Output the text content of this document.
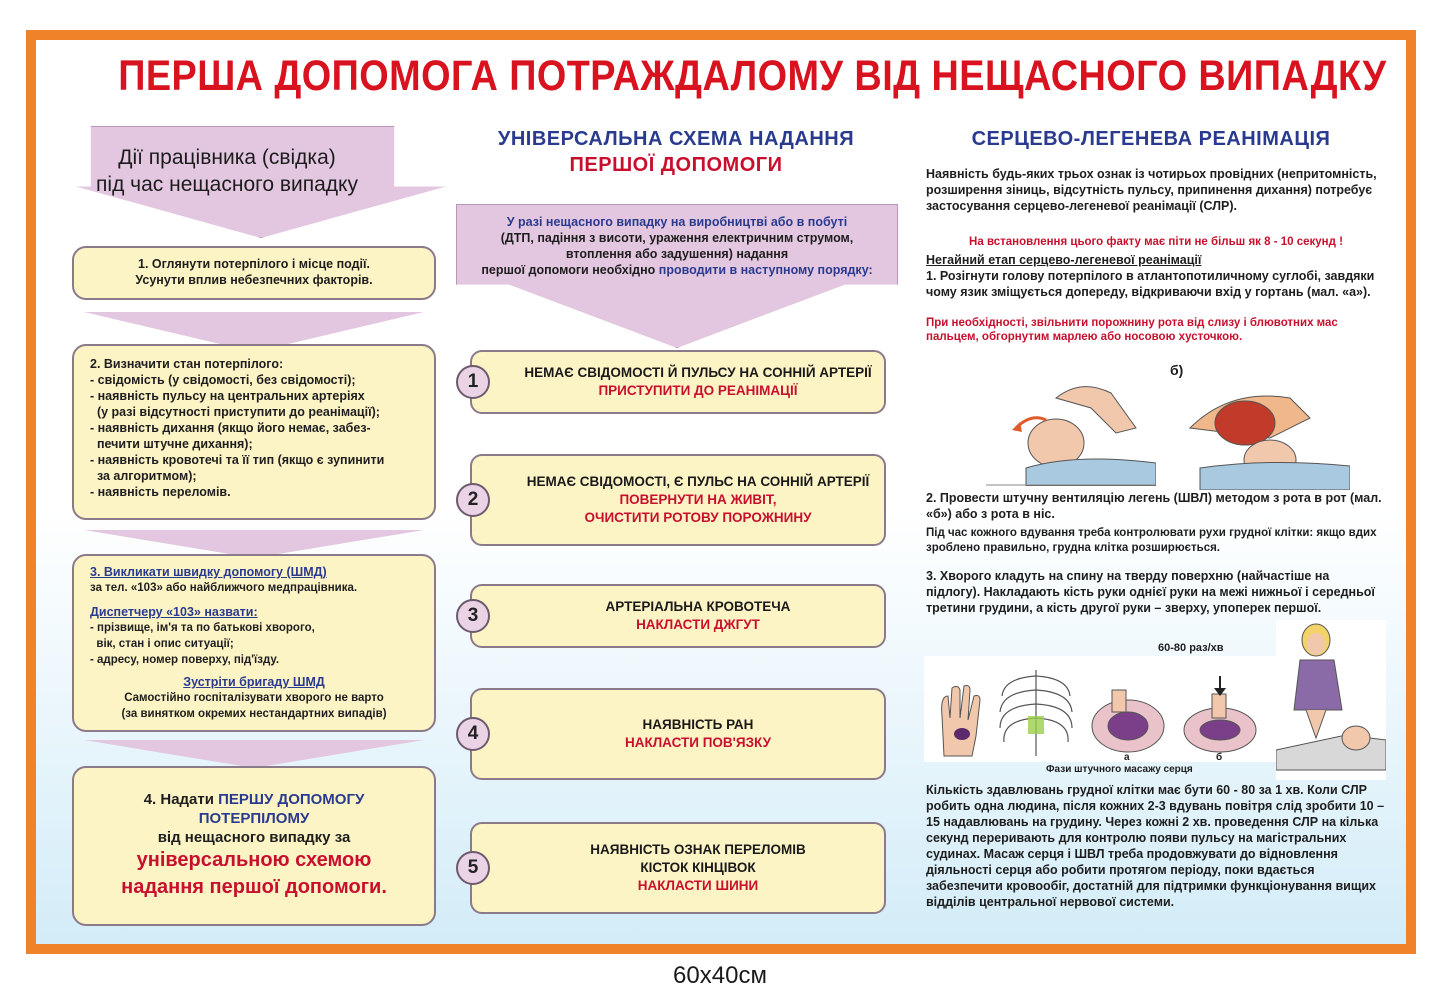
ПЕРША ДОПОМОГА ПОТРАЖДАЛОМУ ВІД НЕЩАСНОГО ВИПАДКУ
Дії працівника (свідка)
під час нещасного випадку
1. Оглянути потерпілого і місце події.
Усунути вплив небезпечних факторів.
2. Визначити стан потерпілого:
- свідомість (у свідомості, без свідомості);
- наявність пульсу на центральних артеріях
(у разі відсутності приступити до реанімації);
- наявність дихання (якщо його немає, забез-
печити штучне дихання);
- наявність кровотечі та її тип (якщо є зупинити
за алгоритмом);
- наявність переломів.
3. Викликати швидку допомогу (ШМД)
за тел. «103» або найближчого медпрацівника.
Диспетчеру «103» назвати:
- прізвище, ім'я та по батькові хворого,
вік, стан і опис ситуації;
- адресу, номер поверху, під'їзду.
Зустріти бригаду ШМД
Самостійно госпіталізувати хворого не варто
(за винятком окремих нестандартних випадів)
4. Надати ПЕРШУ ДОПОМОГУ
ПОТЕРПІЛОМУ
від нещасного випадку за
універсальною схемою
надання першої допомоги.
УНІВЕРСАЛЬНА СХЕМА НАДАННЯ
ПЕРШОЇ ДОПОМОГИ
У разі нещасного випадку на виробництві або в побуті
(ДТП, падіння з висоти, ураження електричним струмом,
втоплення або задушення) надання
першої допомоги необхідно проводити в наступному порядку:
НЕМАЄ СВІДОМОСТІ Й ПУЛЬСУ НА СОННІЙ АРТЕРІЇ
ПРИСТУПИТИ ДО РЕАНІМАЦІЇ
1
НЕМАЄ СВІДОМОСТІ, Є ПУЛЬС НА СОННІЙ АРТЕРІЇ
ПОВЕРНУТИ НА ЖИВІТ,
ОЧИСТИТИ РОТОВУ ПОРОЖНИНУ
2
АРТЕРІАЛЬНА КРОВОТЕЧА
НАКЛАСТИ ДЖГУТ
3
НАЯВНІСТЬ РАН
НАКЛАСТИ ПОВ'ЯЗКУ
4
НАЯВНІСТЬ ОЗНАК ПЕРЕЛОМІВ
КІСТОК КІНЦІВОК
НАКЛАСТИ ШИНИ
5
СЕРЦЕВО-ЛЕГЕНЕВА РЕАНІМАЦІЯ
Наявність будь-яких трьох ознак із чотирьох провідних (непритомність, розширення зіниць, відсутність пульсу, припинення дихання) потребує застосування серцево-легеневої реанімації (СЛР).
На встановлення цього факту має піти не більш як 8 - 10 секунд !
Негайний етап серцево-легеневої реанімації
1. Розігнути голову потерпілого в атлантопотиличному суглобі, завдяки чому язик зміщується допереду, відкриваючи вхід у гортань (мал. «а»).
При необхідності, звільнити порожнину рота від слизу і блювотних мас пальцем, обгорнутим марлею або носовою хусточкою.
б)
2. Провести штучну вентиляцію легень (ШВЛ) методом з рота в рот (мал. «б») або з рота в ніс.
Під час кожного вдування треба контролювати рухи грудної клітки: якщо вдих зроблено правильно, грудна клітка розширюється.
3. Хворого кладуть на спину на тверду поверхню (найчастіше на підлогу). Накладають кість руки однієї руки на межі нижньої і середньої третини грудини, а кість другої руки – зверху, упоперек першої.
60-80 раз/хв
а	б
Фази штучного масажу серця
Кількість здавлювань грудної клітки має бути 60 - 80 за 1 хв. Коли СЛР робить одна людина, після кожних 2-3 вдувань повітря слід зробити 10 – 15 надавлювань на грудину. Через кожні 2 хв. проведення СЛР на кілька секунд переривають для контролю появи пульсу на магістральних судинах. Масаж серця і ШВЛ треба продовжувати до відновлення діяльності серця або робити протягом періоду, поки вдається забезпечити кровообіг, достатній для підтримки функціонування вищих відділів центральної нервової системи.
60x40см
